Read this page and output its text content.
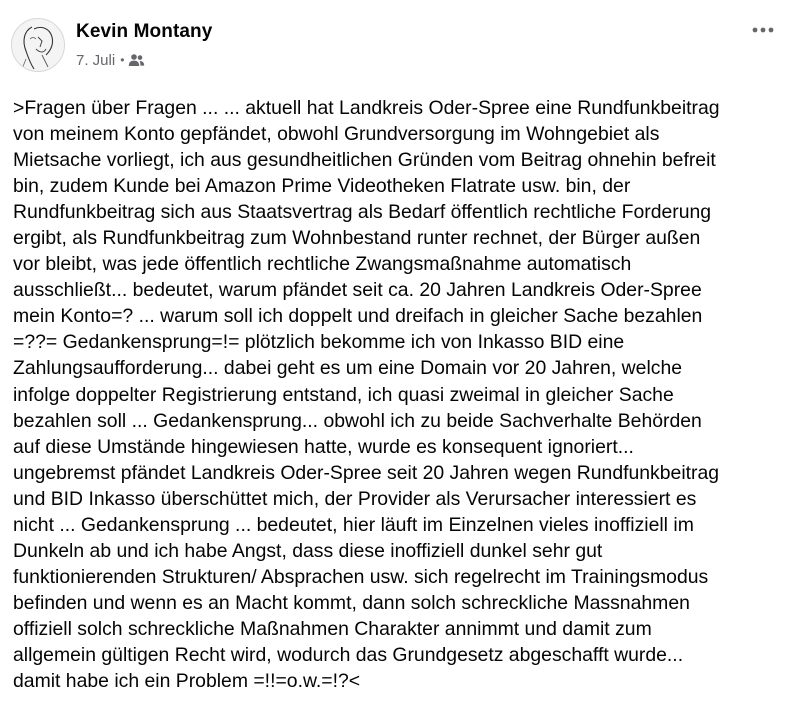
Kevin Montany
7. Juli •
>Fragen über Fragen ... ... aktuell hat Landkreis Oder-Spree eine Rundfunkbeitrag
von meinem Konto gepfändet, obwohl Grundversorgung im Wohngebiet als
Mietsache vorliegt, ich aus gesundheitlichen Gründen vom Beitrag ohnehin befreit
bin, zudem Kunde bei Amazon Prime Videotheken Flatrate usw. bin, der
Rundfunkbeitrag sich aus Staatsvertrag als Bedarf öffentlich rechtliche Forderung
ergibt, als Rundfunkbeitrag zum Wohnbestand runter rechnet, der Bürger außen
vor bleibt, was jede öffentlich rechtliche Zwangsmaßnahme automatisch
ausschließt... bedeutet, warum pfändet seit ca. 20 Jahren Landkreis Oder-Spree
mein Konto=? ... warum soll ich doppelt und dreifach in gleicher Sache bezahlen
=??= Gedankensprung=!= plötzlich bekomme ich von Inkasso BID eine
Zahlungsaufforderung... dabei geht es um eine Domain vor 20 Jahren, welche
infolge doppelter Registrierung entstand, ich quasi zweimal in gleicher Sache
bezahlen soll ... Gedankensprung... obwohl ich zu beide Sachverhalte Behörden
auf diese Umstände hingewiesen hatte, wurde es konsequent ignoriert...
ungebremst pfändet Landkreis Oder-Spree seit 20 Jahren wegen Rundfunkbeitrag
und BID Inkasso überschüttet mich, der Provider als Verursacher interessiert es
nicht ... Gedankensprung ... bedeutet, hier läuft im Einzelnen vieles inoffiziell im
Dunkeln ab und ich habe Angst, dass diese inoffiziell dunkel sehr gut
funktionierenden Strukturen/ Absprachen usw. sich regelrecht im Trainingsmodus
befinden und wenn es an Macht kommt, dann solch schreckliche Massnahmen
offiziell solch schreckliche Maßnahmen Charakter annimmt und damit zum
allgemein gültigen Recht wird, wodurch das Grundgesetz abgeschafft wurde...
damit habe ich ein Problem =!!=o.w.=!?<
